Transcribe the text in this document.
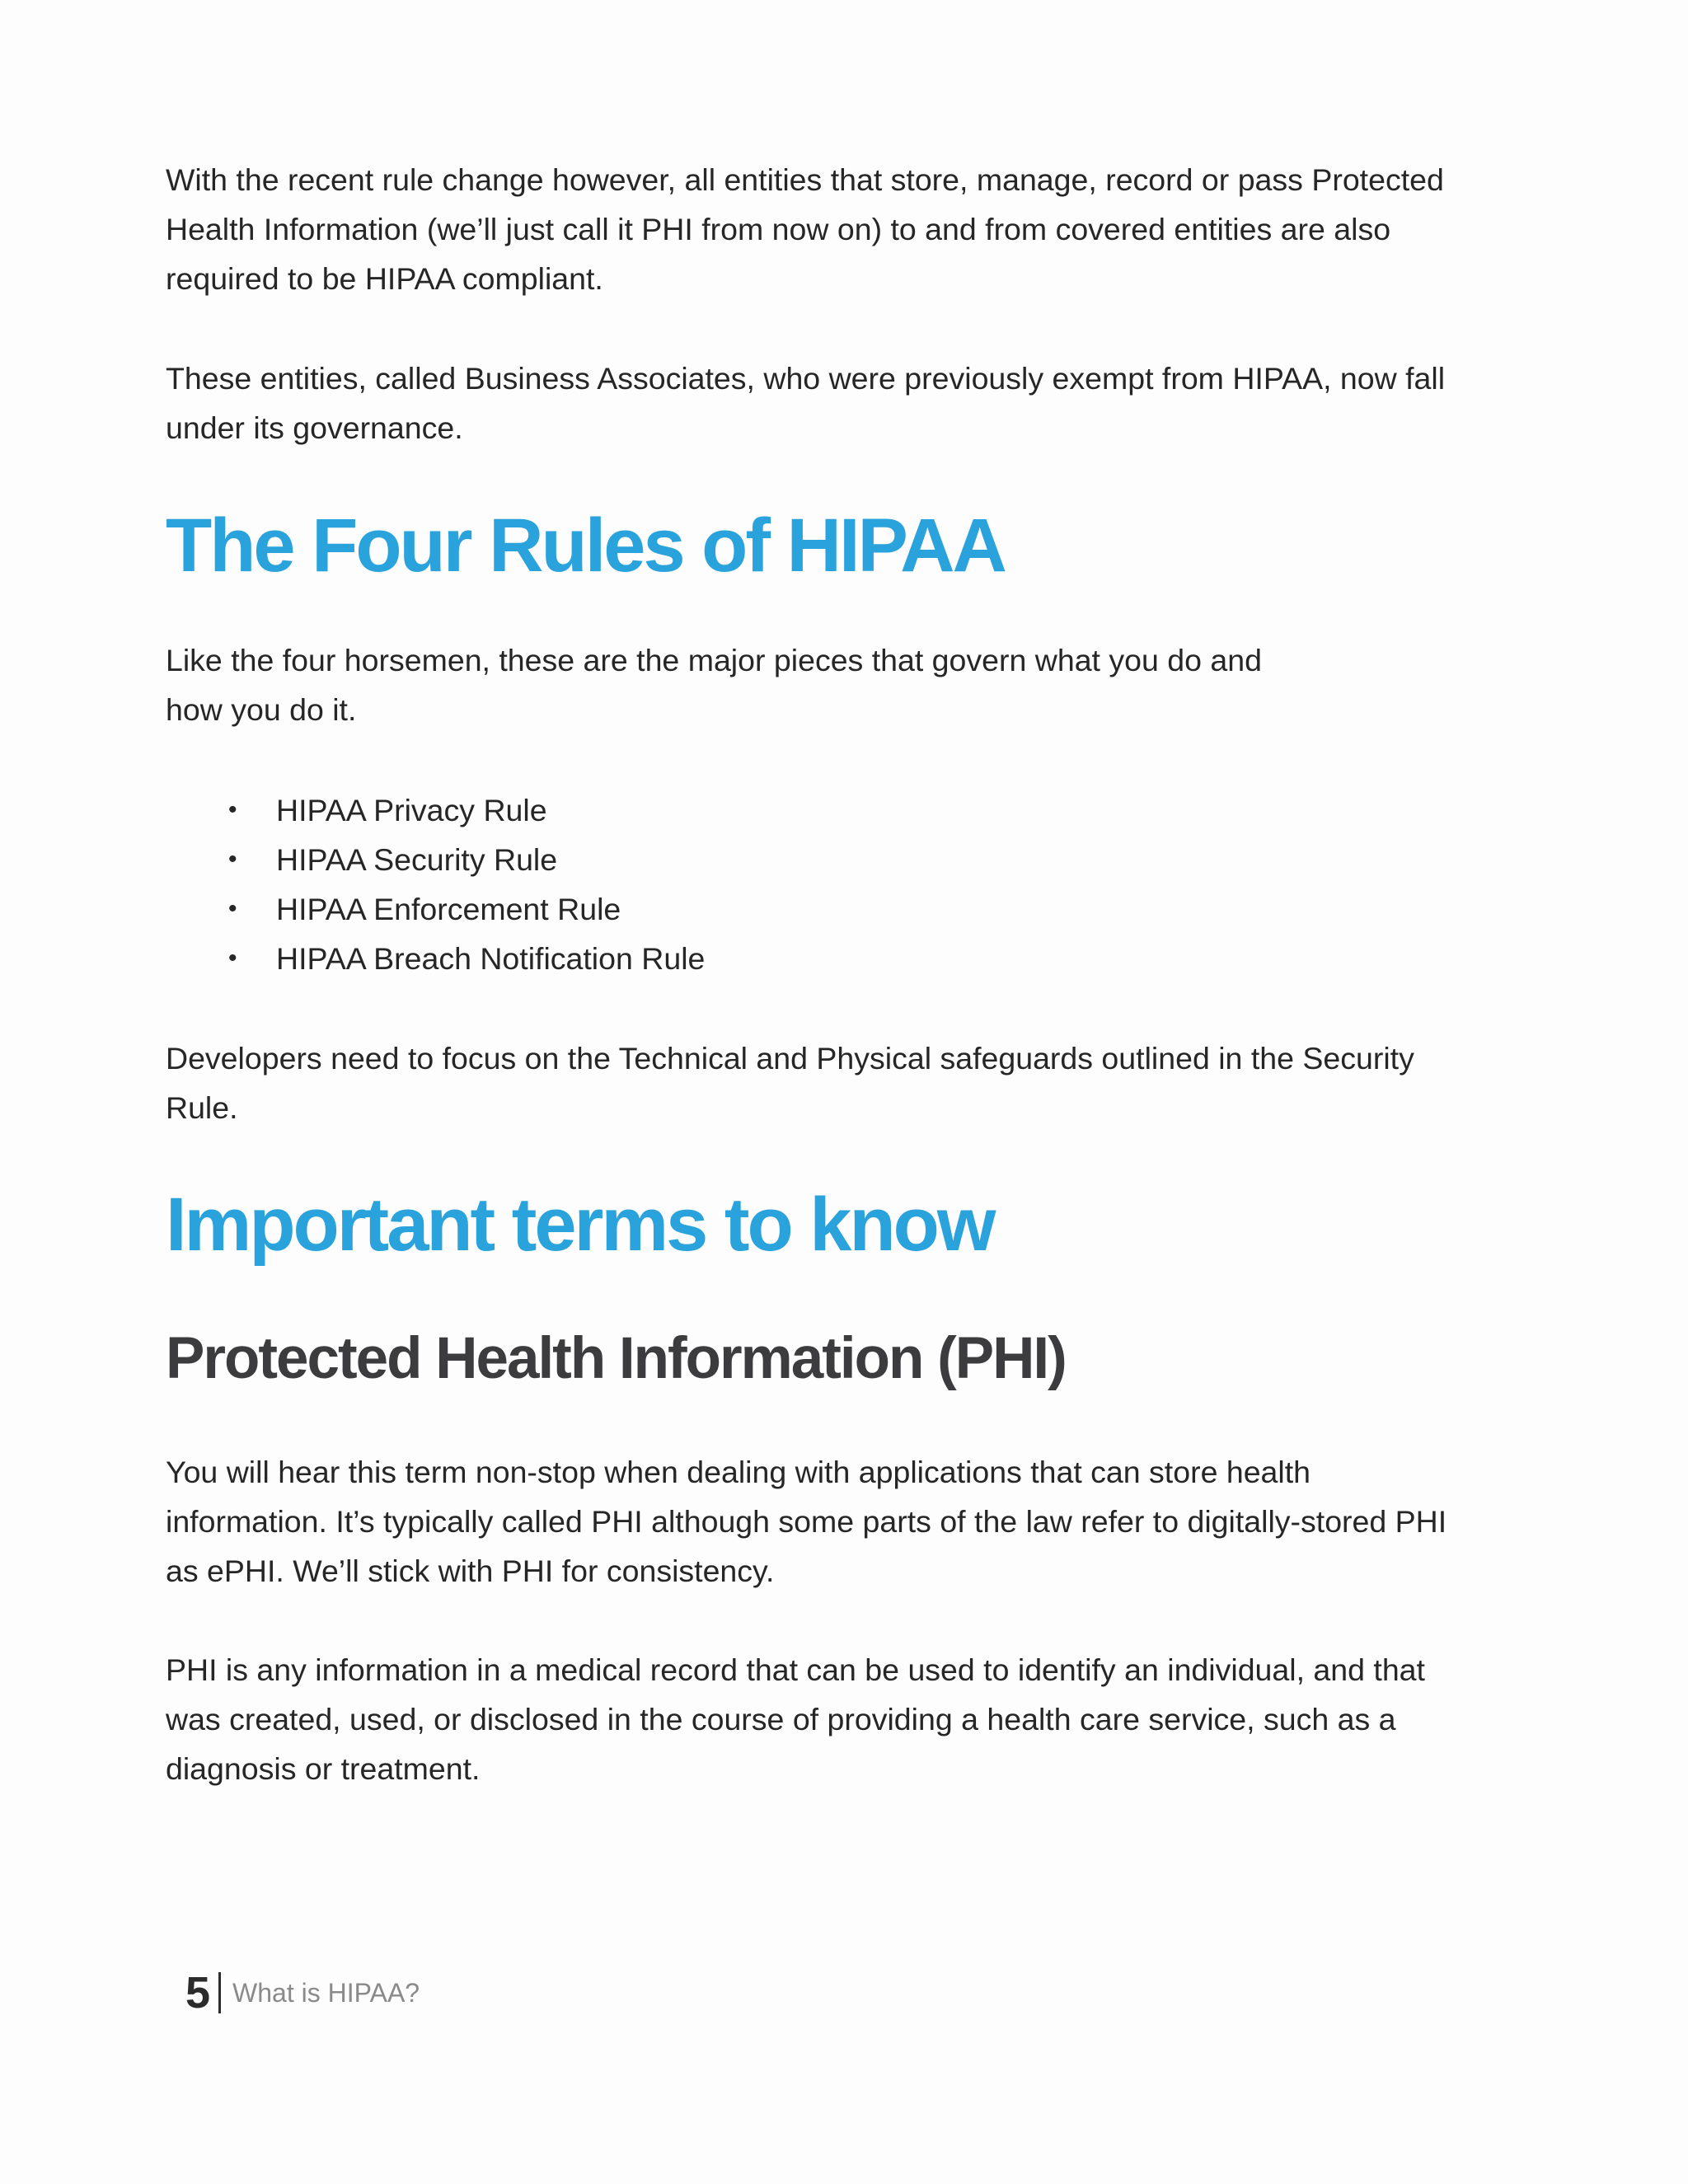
With the recent rule change however, all entities that store, manage, record or pass Protected
Health Information (we’ll just call it PHI from now on) to and from covered entities are also
required to be HIPAA compliant.

These entities, called Business Associates, who were previously exempt from HIPAA, now fall
under its governance.

The Four Rules of HIPAA

Like the four horsemen, these are the major pieces that govern what you do and
how you do it.

• HIPAA Privacy Rule
• HIPAA Security Rule
• HIPAA Enforcement Rule
• HIPAA Breach Notification Rule

Developers need to focus on the Technical and Physical safeguards outlined in the Security
Rule.

Important terms to know
Protected Health Information (PHI)

You will hear this term non-stop when dealing with applications that can store health
information. It’s typically called PHI although some parts of the law refer to digitally-stored PHI
as ePHI. We’ll stick with PHI for consistency.

PHI is any information in a medical record that can be used to identify an individual, and that
was created, used, or disclosed in the course of providing a health care service, such as a
diagnosis or treatment.

5 What is HIPAA?
